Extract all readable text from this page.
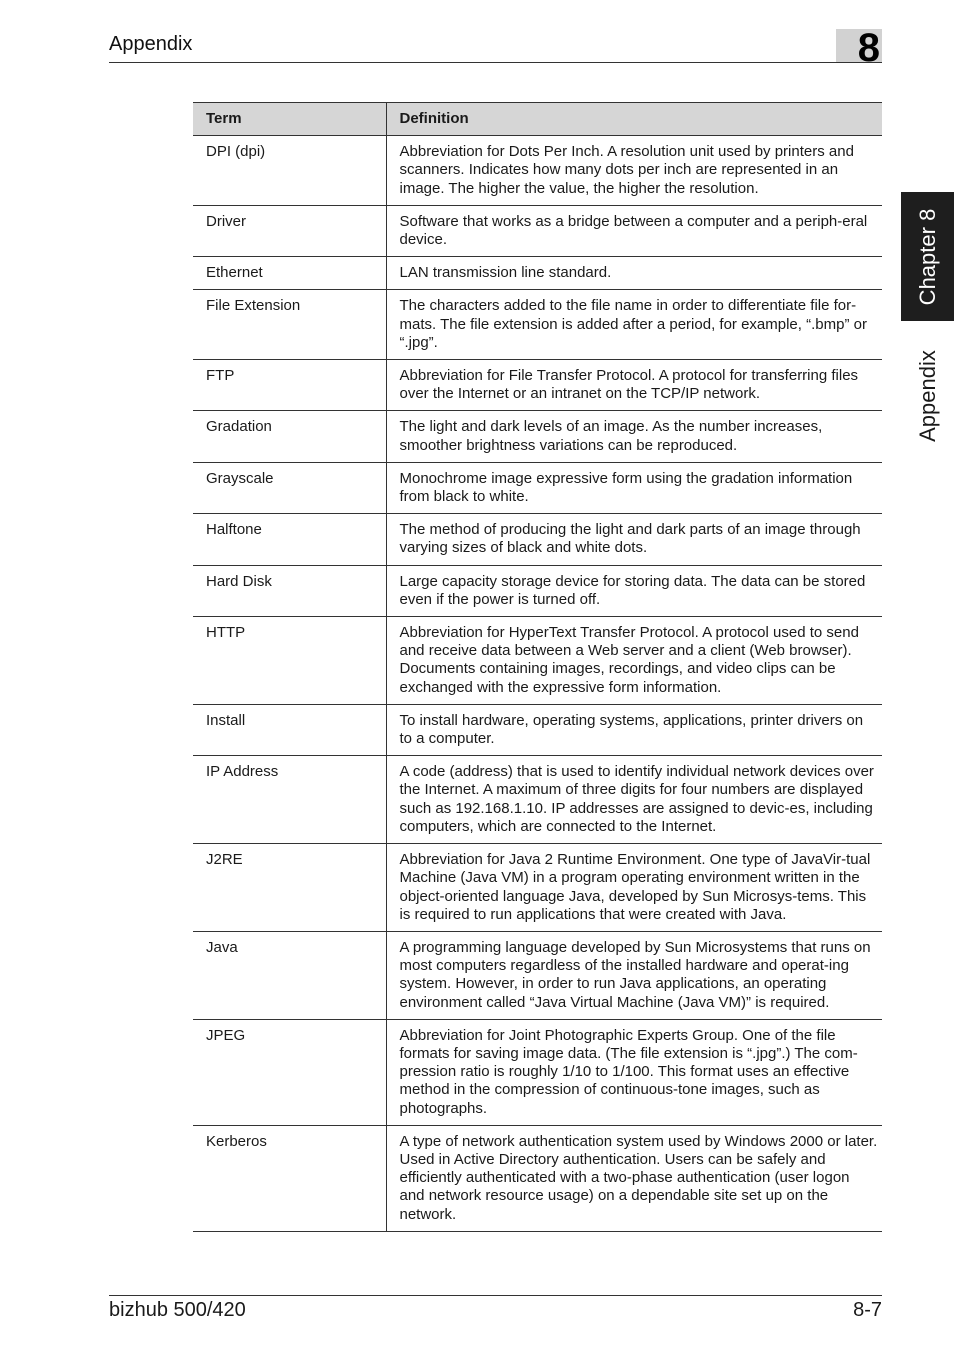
Appendix	8
Chapter 8
Appendix
Term	Definition
DPI (dpi)	Abbreviation for Dots Per Inch. A resolution unit used by printers and scanners. Indicates how many dots per inch are represented in an image. The higher the value, the higher the resolution.
Driver	Software that works as a bridge between a computer and a periph-eral device.
Ethernet	LAN transmission line standard.
File Extension	The characters added to the file name in order to differentiate file for-mats. The file extension is added after a period, for example, “.bmp” or “.jpg”.
FTP	Abbreviation for File Transfer Protocol. A protocol for transferring files over the Internet or an intranet on the TCP/IP network.
Gradation	The light and dark levels of an image. As the number increases, smoother brightness variations can be reproduced.
Grayscale	Monochrome image expressive form using the gradation information from black to white.
Halftone	The method of producing the light and dark parts of an image through varying sizes of black and white dots.
Hard Disk	Large capacity storage device for storing data. The data can be stored even if the power is turned off.
HTTP	Abbreviation for HyperText Transfer Protocol. A protocol used to send and receive data between a Web server and a client (Web browser). Documents containing images, recordings, and video clips can be exchanged with the expressive form information.
Install	To install hardware, operating systems, applications, printer drivers on to a computer.
IP Address	A code (address) that is used to identify individual network devices over the Internet. A maximum of three digits for four numbers are displayed such as 192.168.1.10. IP addresses are assigned to devic-es, including computers, which are connected to the Internet.
J2RE	Abbreviation for Java 2 Runtime Environment. One type of JavaVir-tual Machine (Java VM) in a program operating environment written in the object-oriented language Java, developed by Sun Microsys-tems. This is required to run applications that were created with Java.
Java	A programming language developed by Sun Microsystems that runs on most computers regardless of the installed hardware and operat-ing system. However, in order to run Java applications, an operating environment called “Java Virtual Machine (Java VM)” is required.
JPEG	Abbreviation for Joint Photographic Experts Group. One of the file formats for saving image data. (The file extension is “.jpg”.) The com-pression ratio is roughly 1/10 to 1/100. This format uses an effective method in the compression of continuous-tone images, such as photographs.
Kerberos	A type of network authentication system used by Windows 2000 or later. Used in Active Directory authentication. Users can be safely and efficiently authenticated with a two-phase authentication (user logon and network resource usage) on a dependable site set up on the network.
bizhub 500/420	8-7
